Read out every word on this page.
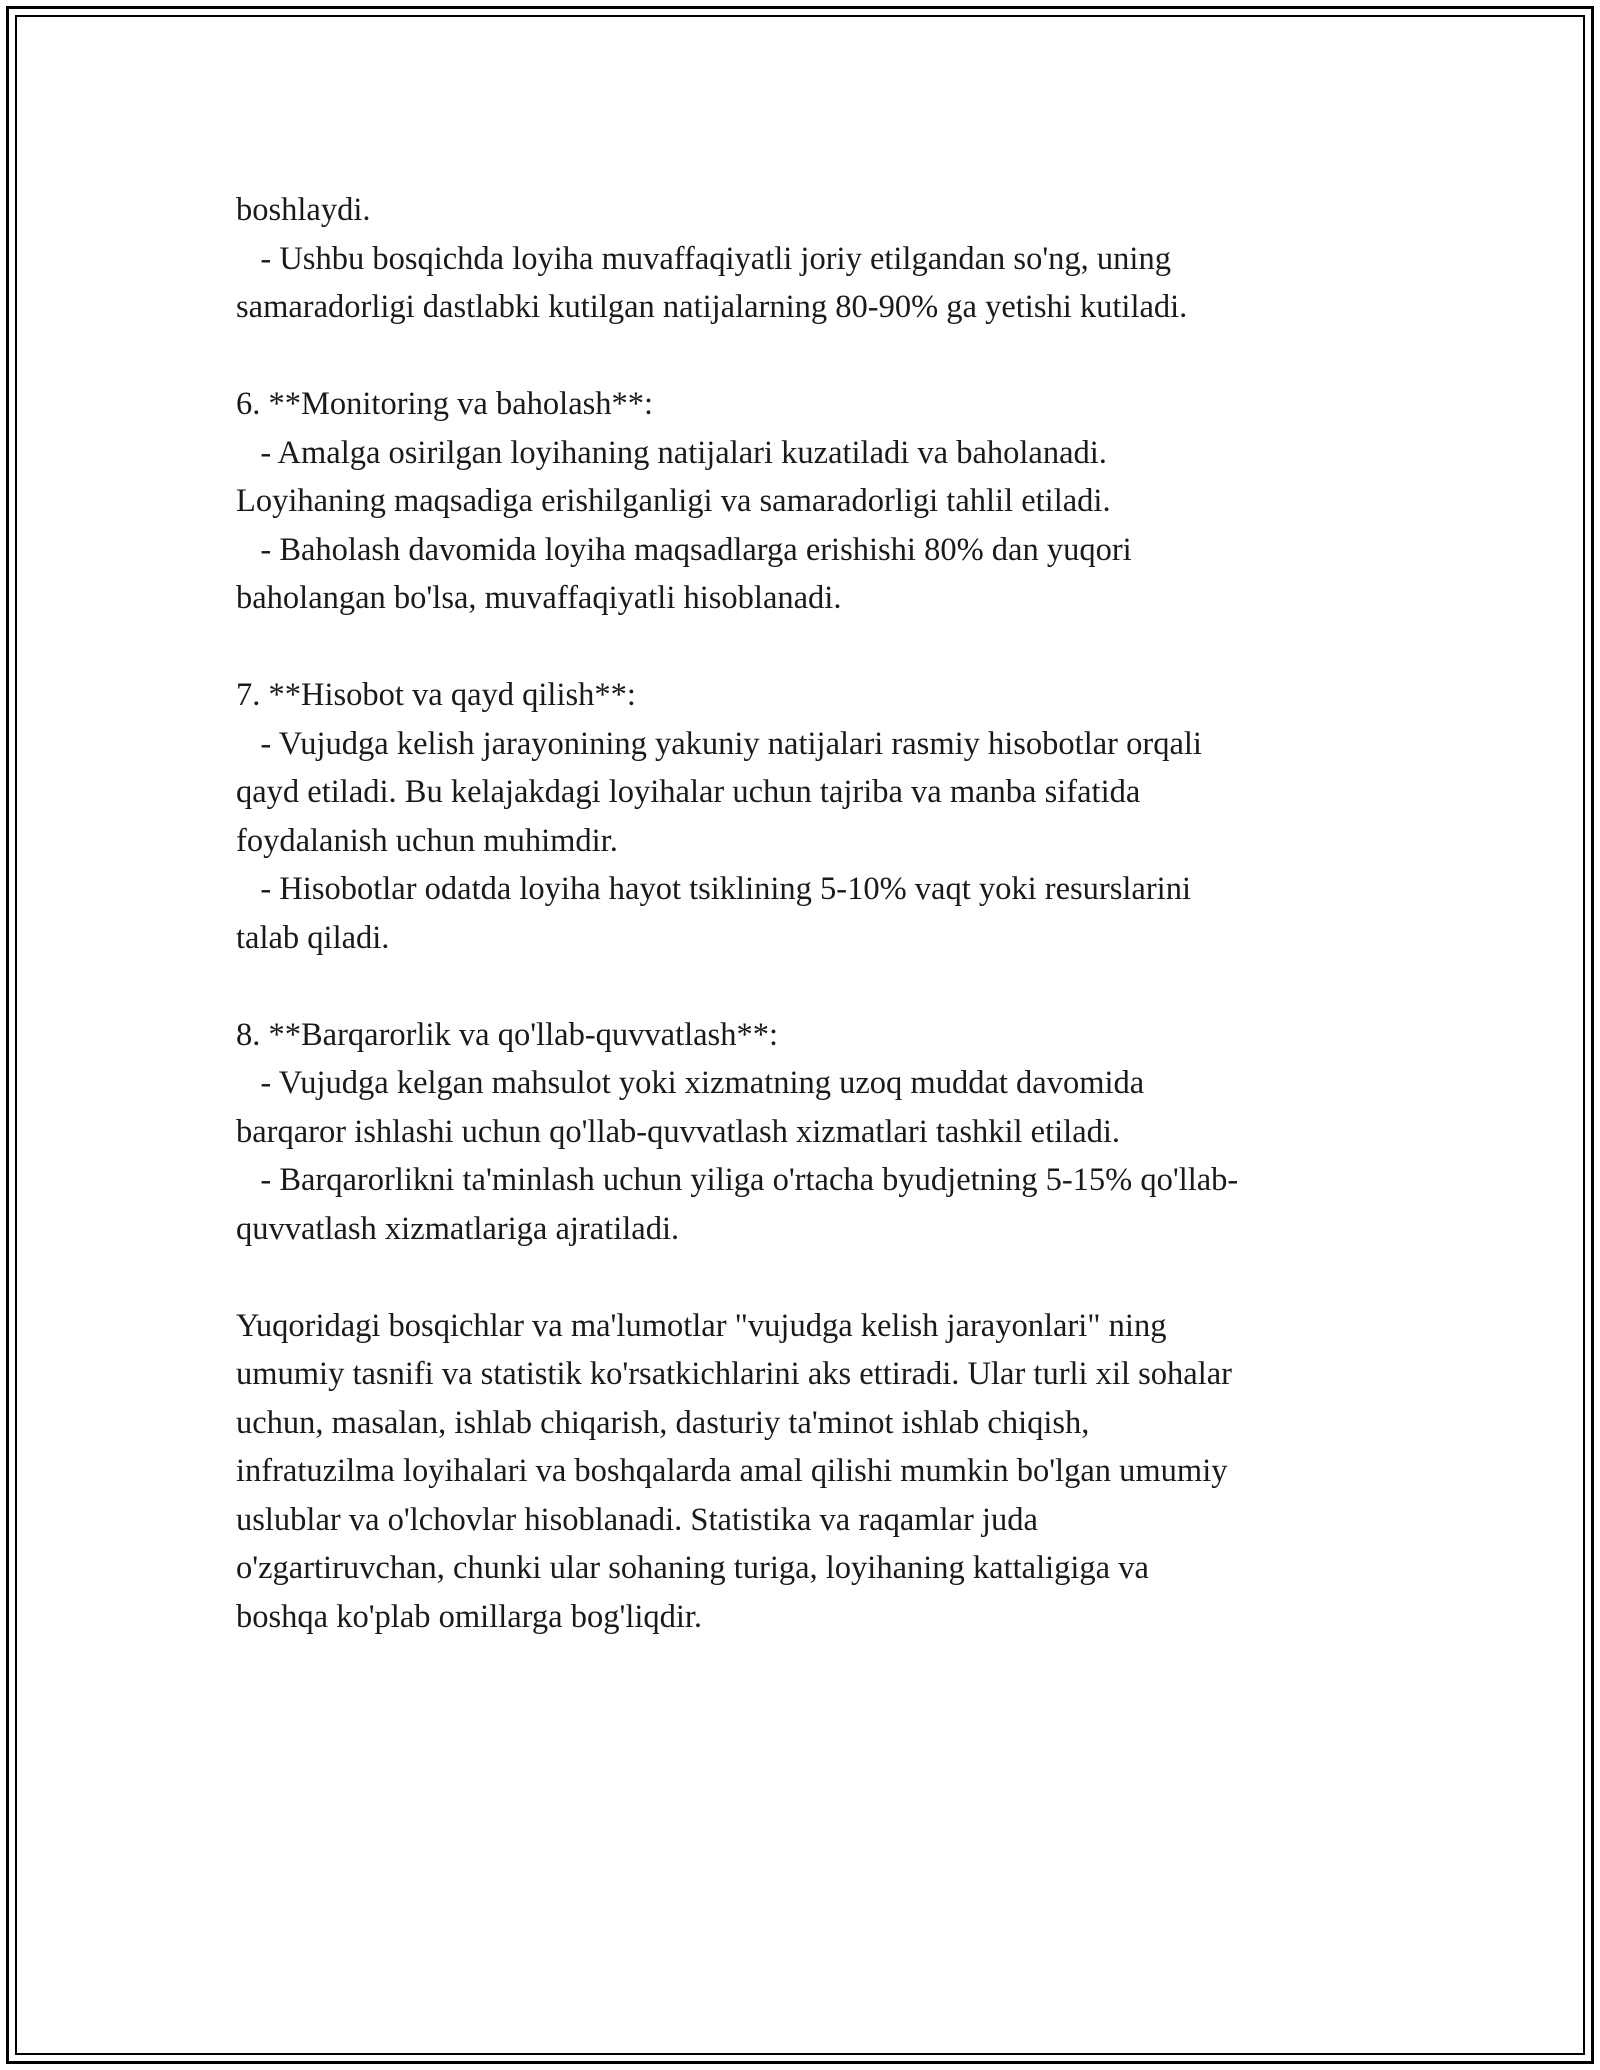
boshlaydi.
- Ushbu bosqichda loyiha muvaffaqiyatli joriy etilgandan so'ng, uning
samaradorligi dastlabki kutilgan natijalarning 80-90% ga yetishi kutiladi.
6. **Monitoring va baholash**:
- Amalga osirilgan loyihaning natijalari kuzatiladi va baholanadi.
Loyihaning maqsadiga erishilganligi va samaradorligi tahlil etiladi.
- Baholash davomida loyiha maqsadlarga erishishi 80% dan yuqori
baholangan bo'lsa, muvaffaqiyatli hisoblanadi.
7. **Hisobot va qayd qilish**:
- Vujudga kelish jarayonining yakuniy natijalari rasmiy hisobotlar orqali
qayd etiladi. Bu kelajakdagi loyihalar uchun tajriba va manba sifatida
foydalanish uchun muhimdir.
- Hisobotlar odatda loyiha hayot tsiklining 5-10% vaqt yoki resurslarini
talab qiladi.
8. **Barqarorlik va qo'llab-quvvatlash**:
- Vujudga kelgan mahsulot yoki xizmatning uzoq muddat davomida
barqaror ishlashi uchun qo'llab-quvvatlash xizmatlari tashkil etiladi.
- Barqarorlikni ta'minlash uchun yiliga o'rtacha byudjetning 5-15% qo'llab-
quvvatlash xizmatlariga ajratiladi.
Yuqoridagi bosqichlar va ma'lumotlar "vujudga kelish jarayonlari" ning
umumiy tasnifi va statistik ko'rsatkichlarini aks ettiradi. Ular turli xil sohalar
uchun, masalan, ishlab chiqarish, dasturiy ta'minot ishlab chiqish,
infratuzilma loyihalari va boshqalarda amal qilishi mumkin bo'lgan umumiy
uslublar va o'lchovlar hisoblanadi. Statistika va raqamlar juda
o'zgartiruvchan, chunki ular sohaning turiga, loyihaning kattaligiga va
boshqa ko'plab omillarga bog'liqdir.
